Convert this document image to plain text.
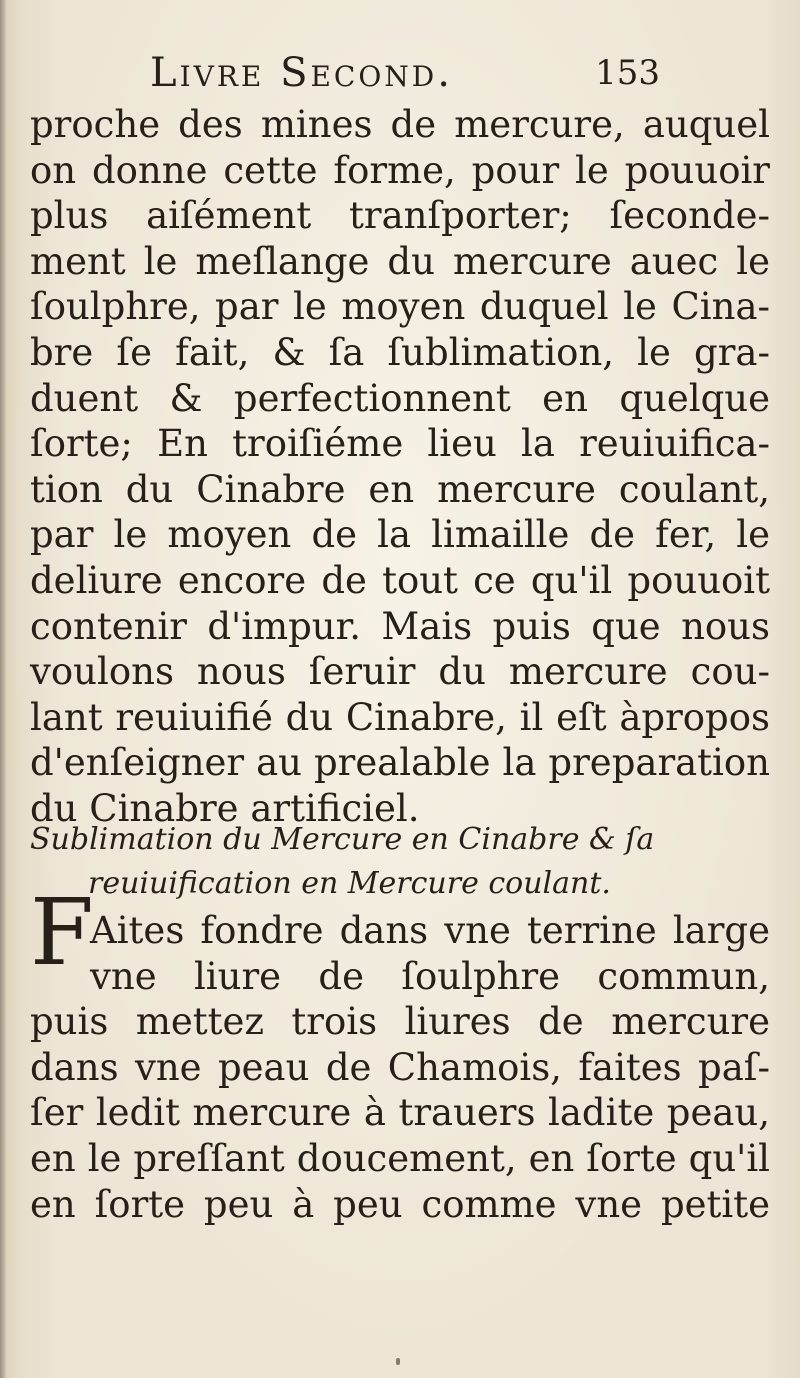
Livre Second.	153
proche des mines de mercure, auquel
on donne cette forme, pour le pouuoir
plus aiſément tranſporter; ſeconde-
ment le meſlange du mercure auec le
ſoulphre, par le moyen duquel le Cina-
bre ſe fait, & ſa ſublimation, le gra-
duent & perfectionnent en quelque
ſorte; En troiſiéme lieu la reuiuifica-
tion du Cinabre en mercure coulant,
par le moyen de la limaille de fer, le
deliure encore de tout ce qu'il pouuoit
contenir d'impur. Mais puis que nous
voulons nous ſeruir du mercure cou-
lant reuiuifié du Cinabre, il eſt àpropos
d'enſeigner au prealable la preparation
du Cinabre artificiel.
Sublimation du Mercure en Cinabre & ſa
reuiuification en Mercure coulant.
F
Aites fondre dans vne terrine large
vne liure de ſoulphre commun,
puis mettez trois liures de mercure
dans vne peau de Chamois, faites paſ-
ſer ledit mercure à trauers ladite peau,
en le preſſant doucement, en ſorte qu'il
en ſorte peu à peu comme vne petite
